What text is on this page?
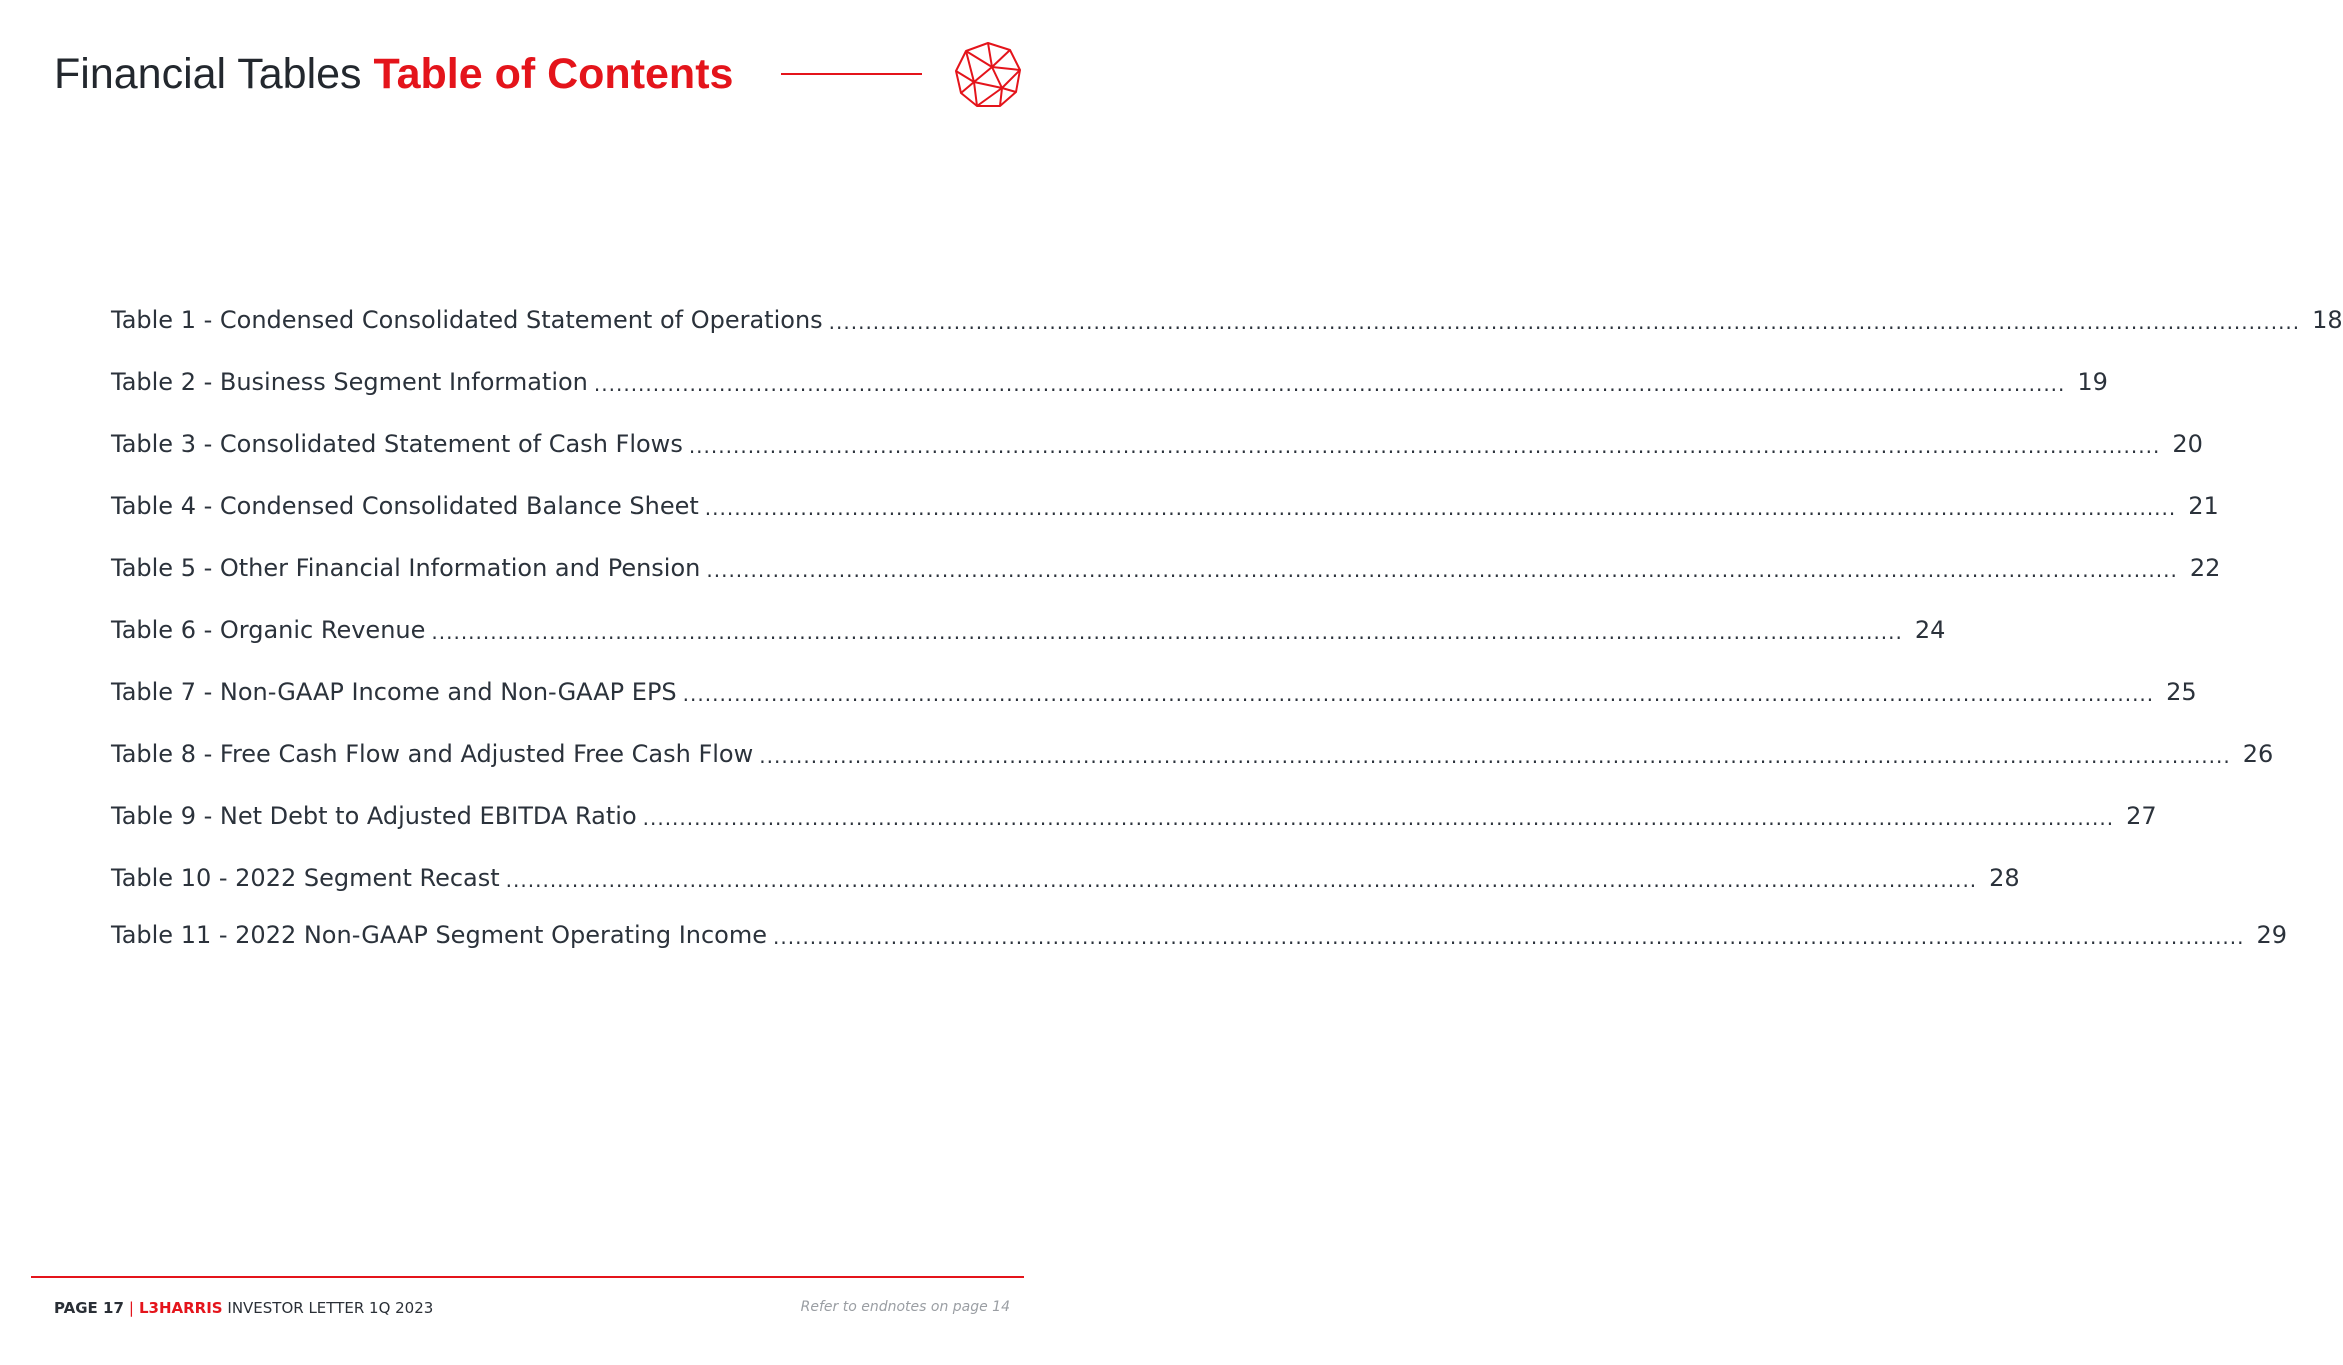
Financial Tables Table of Contents
Table 1 - Condensed Consolidated Statement of Operations ........................................................................................................................................................................................................ 18
Table 2 - Business Segment Information ........................................................................................................................................................................................................ 19
Table 3 - Consolidated Statement of Cash Flows ........................................................................................................................................................................................................ 20
Table 4 - Condensed Consolidated Balance Sheet ........................................................................................................................................................................................................ 21
Table 5 - Other Financial Information and Pension ........................................................................................................................................................................................................ 22
Table 6 - Organic Revenue ........................................................................................................................................................................................................ 24
Table 7 - Non-GAAP Income and Non-GAAP EPS ........................................................................................................................................................................................................ 25
Table 8 - Free Cash Flow and Adjusted Free Cash Flow ........................................................................................................................................................................................................ 26
Table 9 - Net Debt to Adjusted EBITDA Ratio ........................................................................................................................................................................................................ 27
Table 10 - 2022 Segment Recast ........................................................................................................................................................................................................ 28
Table 11 - 2022 Non-GAAP Segment Operating Income ........................................................................................................................................................................................................ 29
PAGE 17 | L3HARRIS INVESTOR LETTER 1Q 2023	Refer to endnotes on page 14
